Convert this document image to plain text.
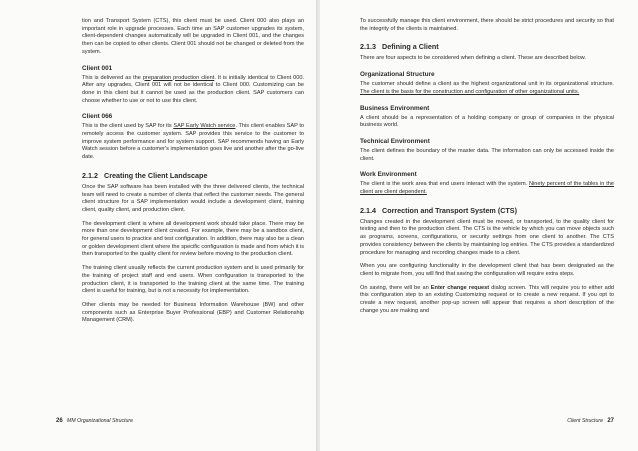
tion and Transport System (CTS), this client must be used. Client 000 also plays an important role in upgrade processes. Each time an SAP customer upgrades its system, client-dependent changes automatically will be upgraded in Client 001, and the changes then can be copied to other clients. Client 001 should not be changed or deleted from the system.

Client 001

This is delivered as the preparation production client. It is initially identical to Client 000. After any upgrades, Client 001 will not be identical to Client 000. Customizing can be done in this client but it cannot be used as the production client. SAP customers can choose whether to use or not to use this client.

Client 066

This is the client used by SAP for its SAP Early Watch service. This client enables SAP to remotely access the customer system. SAP provides this service to the customer to improve system performance and for system support. SAP recommends having an Early Watch session before a customer's implementation goes live and another after the go-live date.

2.1.2 Creating the Client Landscape

Once the SAP software has been installed with the three delivered clients, the technical team will need to create a number of clients that reflect the customer needs. The general client structure for a SAP implementation would include a development client, training client, quality client, and production client.

The development client is where all development work should take place. There may be more than one development client created. For example, there may be a sandbox client, for general users to practice and test configuration. In addition, there may also be a clean or golden development client where the specific configuration is made and from which it is then transported to the quality client for review before moving to the production client.

The training client usually reflects the current production system and is used primarily for the training of project staff and end users. When configuration is transported to the production client, it is transported to the training client at the same time. The training client is useful for training, but is not a necessity for implementation.

Other clients may be needed for Business Information Warehouse (BW) and other components such as Enterprise Buyer Professional (EBP) and Customer Relationship Management (CRM).

26 MM Organizational Structure

To successfully manage this client environment, there should be strict procedures and security so that the integrity of the clients is maintained.

2.1.3 Defining a Client

There are four aspects to be considered when defining a client. These are described below.

Organizational Structure

The customer should define a client as the highest organizational unit in its organizational structure. The client is the basis for the construction and configuration of other organizational units.

Business Environment

A client should be a representation of a holding company or group of companies in the physical business world.

Technical Environment

The client defines the boundary of the master data. The information can only be accessed inside the client.

Work Environment

The client is the work area that end users interact with the system. Ninety percent of the tables in the client are client dependent.

2.1.4 Correction and Transport System (CTS)

Changes created in the development client must be moved, or transported, to the quality client for testing and then to the production client. The CTS is the vehicle by which you can move objects such as programs, screens, configurations, or security settings from one client to another. The CTS provides consistency between the clients by maintaining log entries. The CTS provides a standardized procedure for managing and recording changes made to a client.

When you are configuring functionality in the development client that has been designated as the client to migrate from, you will find that saving the configuration will require extra steps.

On saving, there will be an Enter change request dialog screen. This will require you to either add this configuration step to an existing Customizing request or to create a new request. If you opt to create a new request, another pop-up screen will appear that requires a short description of the change you are making and

Client Structure 27
